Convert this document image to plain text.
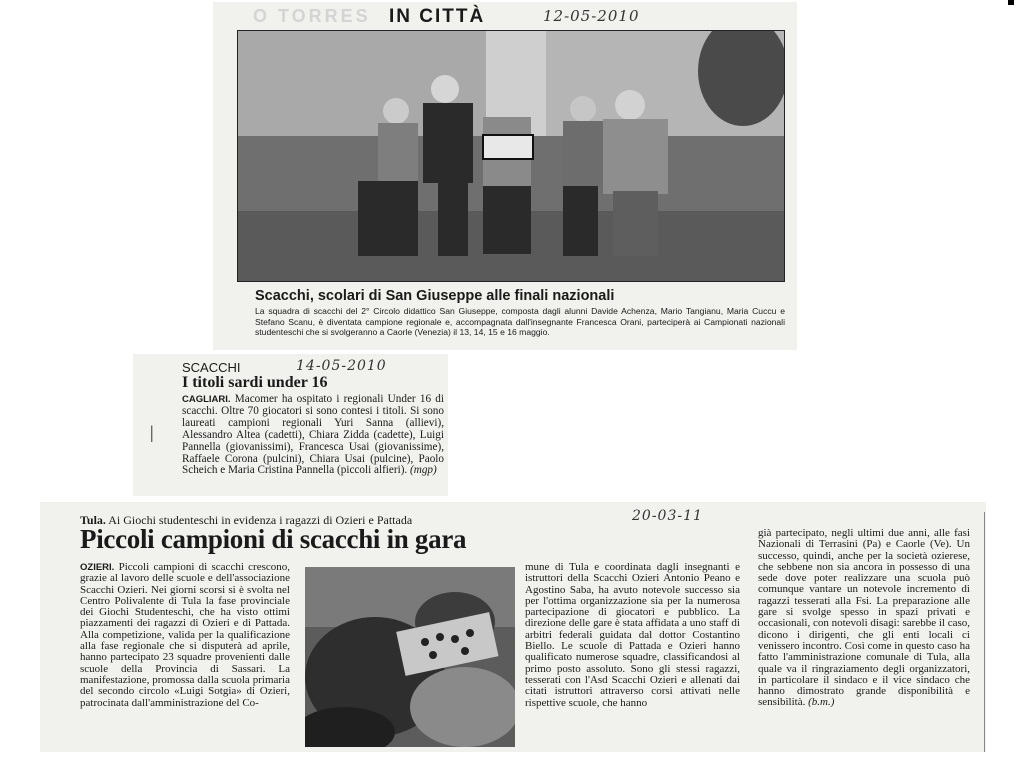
O TORRES IN CITTÀ	12-05-2010
Scacchi, scolari di San Giuseppe alle finali nazionali
La squadra di scacchi del 2° Circolo didattico San Giuseppe, composta dagli alunni Davide Achenza, Mario Tangianu, Maria Cuccu e Stefano Scanu, è diventata campione regionale e, accompagnata dall'insegnante Francesca Orani, parteciperà ai Campionati nazionali studenteschi che si svolgeranno a Caorle (Venezia) il 13, 14, 15 e 16 maggio.
SCACCHI	14-05-2010
I titoli sardi under 16
CAGLIARI. Macomer ha ospitato i regionali Under 16 di scacchi. Oltre 70 giocatori si sono contesi i titoli. Si sono laureati campioni regionali Yuri Sanna (allievi), Alessandro Altea (cadetti), Chiara Zidda (cadette), Luigi Pannella (giovanissimi), Francesca Usai (giovanissime), Raffaele Corona (pulcini), Chiara Usai (pulcine), Paolo Scheich e Maria Cristina Pannella (piccoli alfieri). (mgp)
|
Tula. Ai Giochi studenteschi in evidenza i ragazzi di Ozieri e Pattada	20-03-11
Piccoli campioni di scacchi in gara
OZIERI. Piccoli campioni di scacchi crescono, grazie al lavoro delle scuole e dell'associazione Scacchi Ozieri. Nei giorni scorsi si è svolta nel Centro Polivalente di Tula la fase provinciale dei Giochi Studenteschi, che ha visto ottimi piazzamenti dei ragazzi di Ozieri e di Pattada. Alla competizione, valida per la qualificazione alla fase regionale che si disputerà ad aprile, hanno partecipato 23 squadre provenienti dalle scuole della Provincia di Sassari. La manifestazione, promossa dalla scuola primaria del secondo circolo «Luigi Sotgia» di Ozieri, patrocinata dall'amministrazione del Co-
mune di Tula e coordinata dagli insegnanti e istruttori della Scacchi Ozieri Antonio Peano e Agostino Saba, ha avuto notevole successo sia per l'ottima organizzazione sia per la numerosa partecipazione di giocatori e pubblico. La direzione delle gare è stata affidata a uno staff di arbitri federali guidata dal dottor Costantino Biello. Le scuole di Pattada e Ozieri hanno qualificato numerose squadre, classificandosi al primo posto assoluto. Sono gli stessi ragazzi, tesserati con l'Asd Scacchi Ozieri e allenati dai citati istruttori attraverso corsi attivati nelle rispettive scuole, che hanno
già partecipato, negli ultimi due anni, alle fasi Nazionali di Terrasini (Pa) e Caorle (Ve). Un successo, quindi, anche per la società ozierese, che sebbene non sia ancora in possesso di una sede dove poter realizzare una scuola può comunque vantare un notevole incremento di ragazzi tesserati alla Fsi. La preparazione alle gare si svolge spesso in spazi privati e occasionali, con notevoli disagi: sarebbe il caso, dicono i dirigenti, che gli enti locali ci venissero incontro. Così come in questo caso ha fatto l'amministrazione comunale di Tula, alla quale va il ringraziamento degli organizzatori, in particolare il sindaco e il vice sindaco che hanno dimostrato grande disponibilità e sensibilità. (b.m.)
